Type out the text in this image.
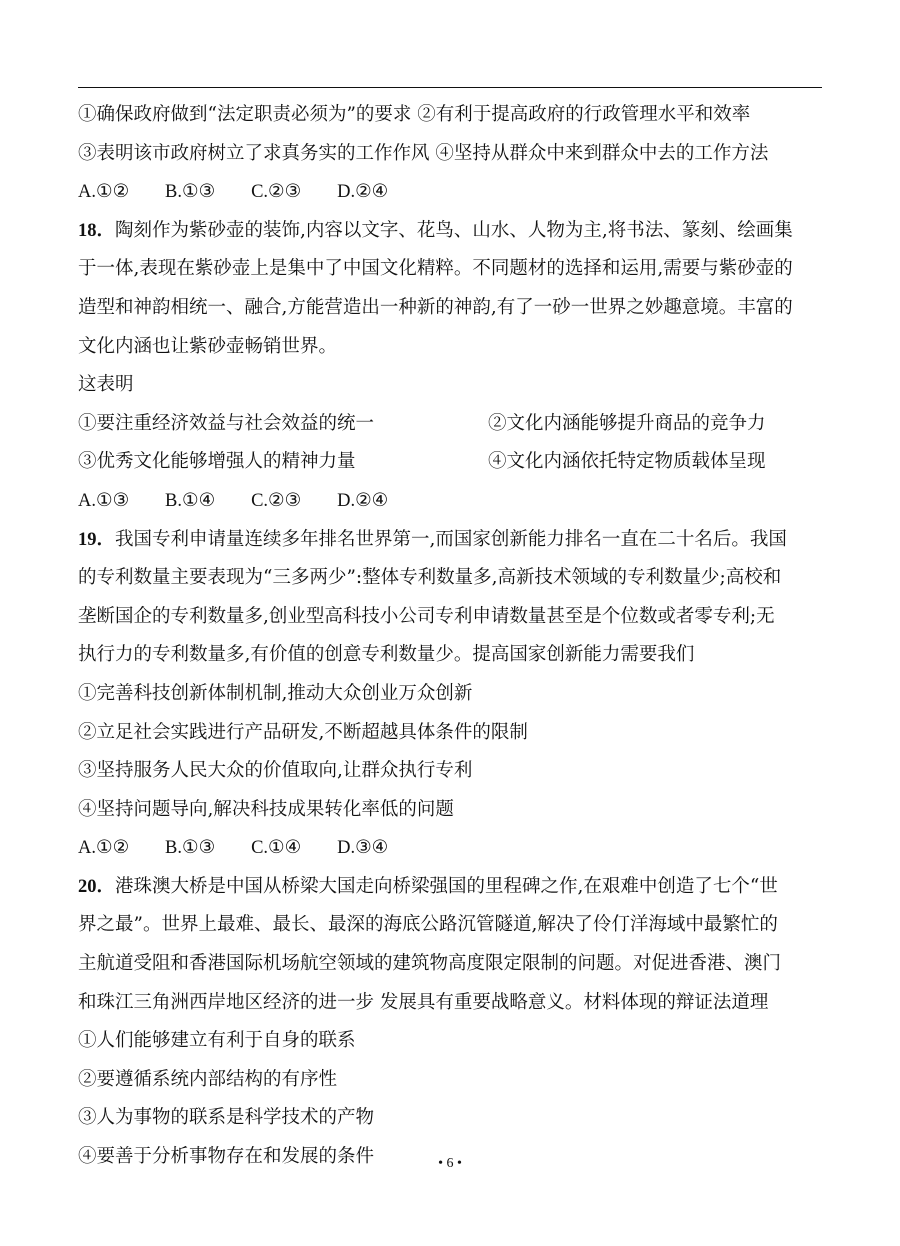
①确保政府做到“法定职责必须为”的要求 ②有利于提高政府的行政管理水平和效率
③表明该市政府树立了求真务实的工作作风 ④坚持从群众中来到群众中去的工作方法
A.①② B.①③ C.②③ D.②④
18．陶刻作为紫砂壶的装饰,内容以文字、花鸟、山水、人物为主,将书法、篆刻、绘画集
于一体,表现在紫砂壶上是集中了中国文化精粹。不同题材的选择和运用,需要与紫砂壶的
造型和神韵相统一、融合,方能营造出一种新的神韵,有了一砂一世界之妙趣意境。丰富的
文化内涵也让紫砂壶畅销世界。
这表明
①要注重经济效益与社会效益的统一	②文化内涵能够提升商品的竞争力
③优秀文化能够增强人的精神力量	④文化内涵依托特定物质载体呈现
A.①③ B.①④ C.②③ D.②④
19．我国专利申请量连续多年排名世界第一,而国家创新能力排名一直在二十名后。我国
的专利数量主要表现为“三多两少”:整体专利数量多,高新技术领域的专利数量少;高校和
垄断国企的专利数量多,创业型高科技小公司专利申请数量甚至是个位数或者零专利;无
执行力的专利数量多,有价值的创意专利数量少。提高国家创新能力需要我们
①完善科技创新体制机制,推动大众创业万众创新
②立足社会实践进行产品研发,不断超越具体条件的限制
③坚持服务人民大众的价值取向,让群众执行专利
④坚持问题导向,解决科技成果转化率低的问题
A.①② B.①③ C.①④ D.③④
20．港珠澳大桥是中国从桥梁大国走向桥梁强国的里程碑之作,在艰难中创造了七个“世
界之最”。世界上最难、最长、最深的海底公路沉管隧道,解决了伶仃洋海域中最繁忙的
主航道受阻和香港国际机场航空领域的建筑物高度限定限制的问题。对促进香港、澳门
和珠江三角洲西岸地区经济的进一步 发展具有重要战略意义。材料体现的辩证法道理
①人们能够建立有利于自身的联系
②要遵循系统内部结构的有序性
③人为事物的联系是科学技术的产物
④要善于分析事物存在和发展的条件	• 6 •
